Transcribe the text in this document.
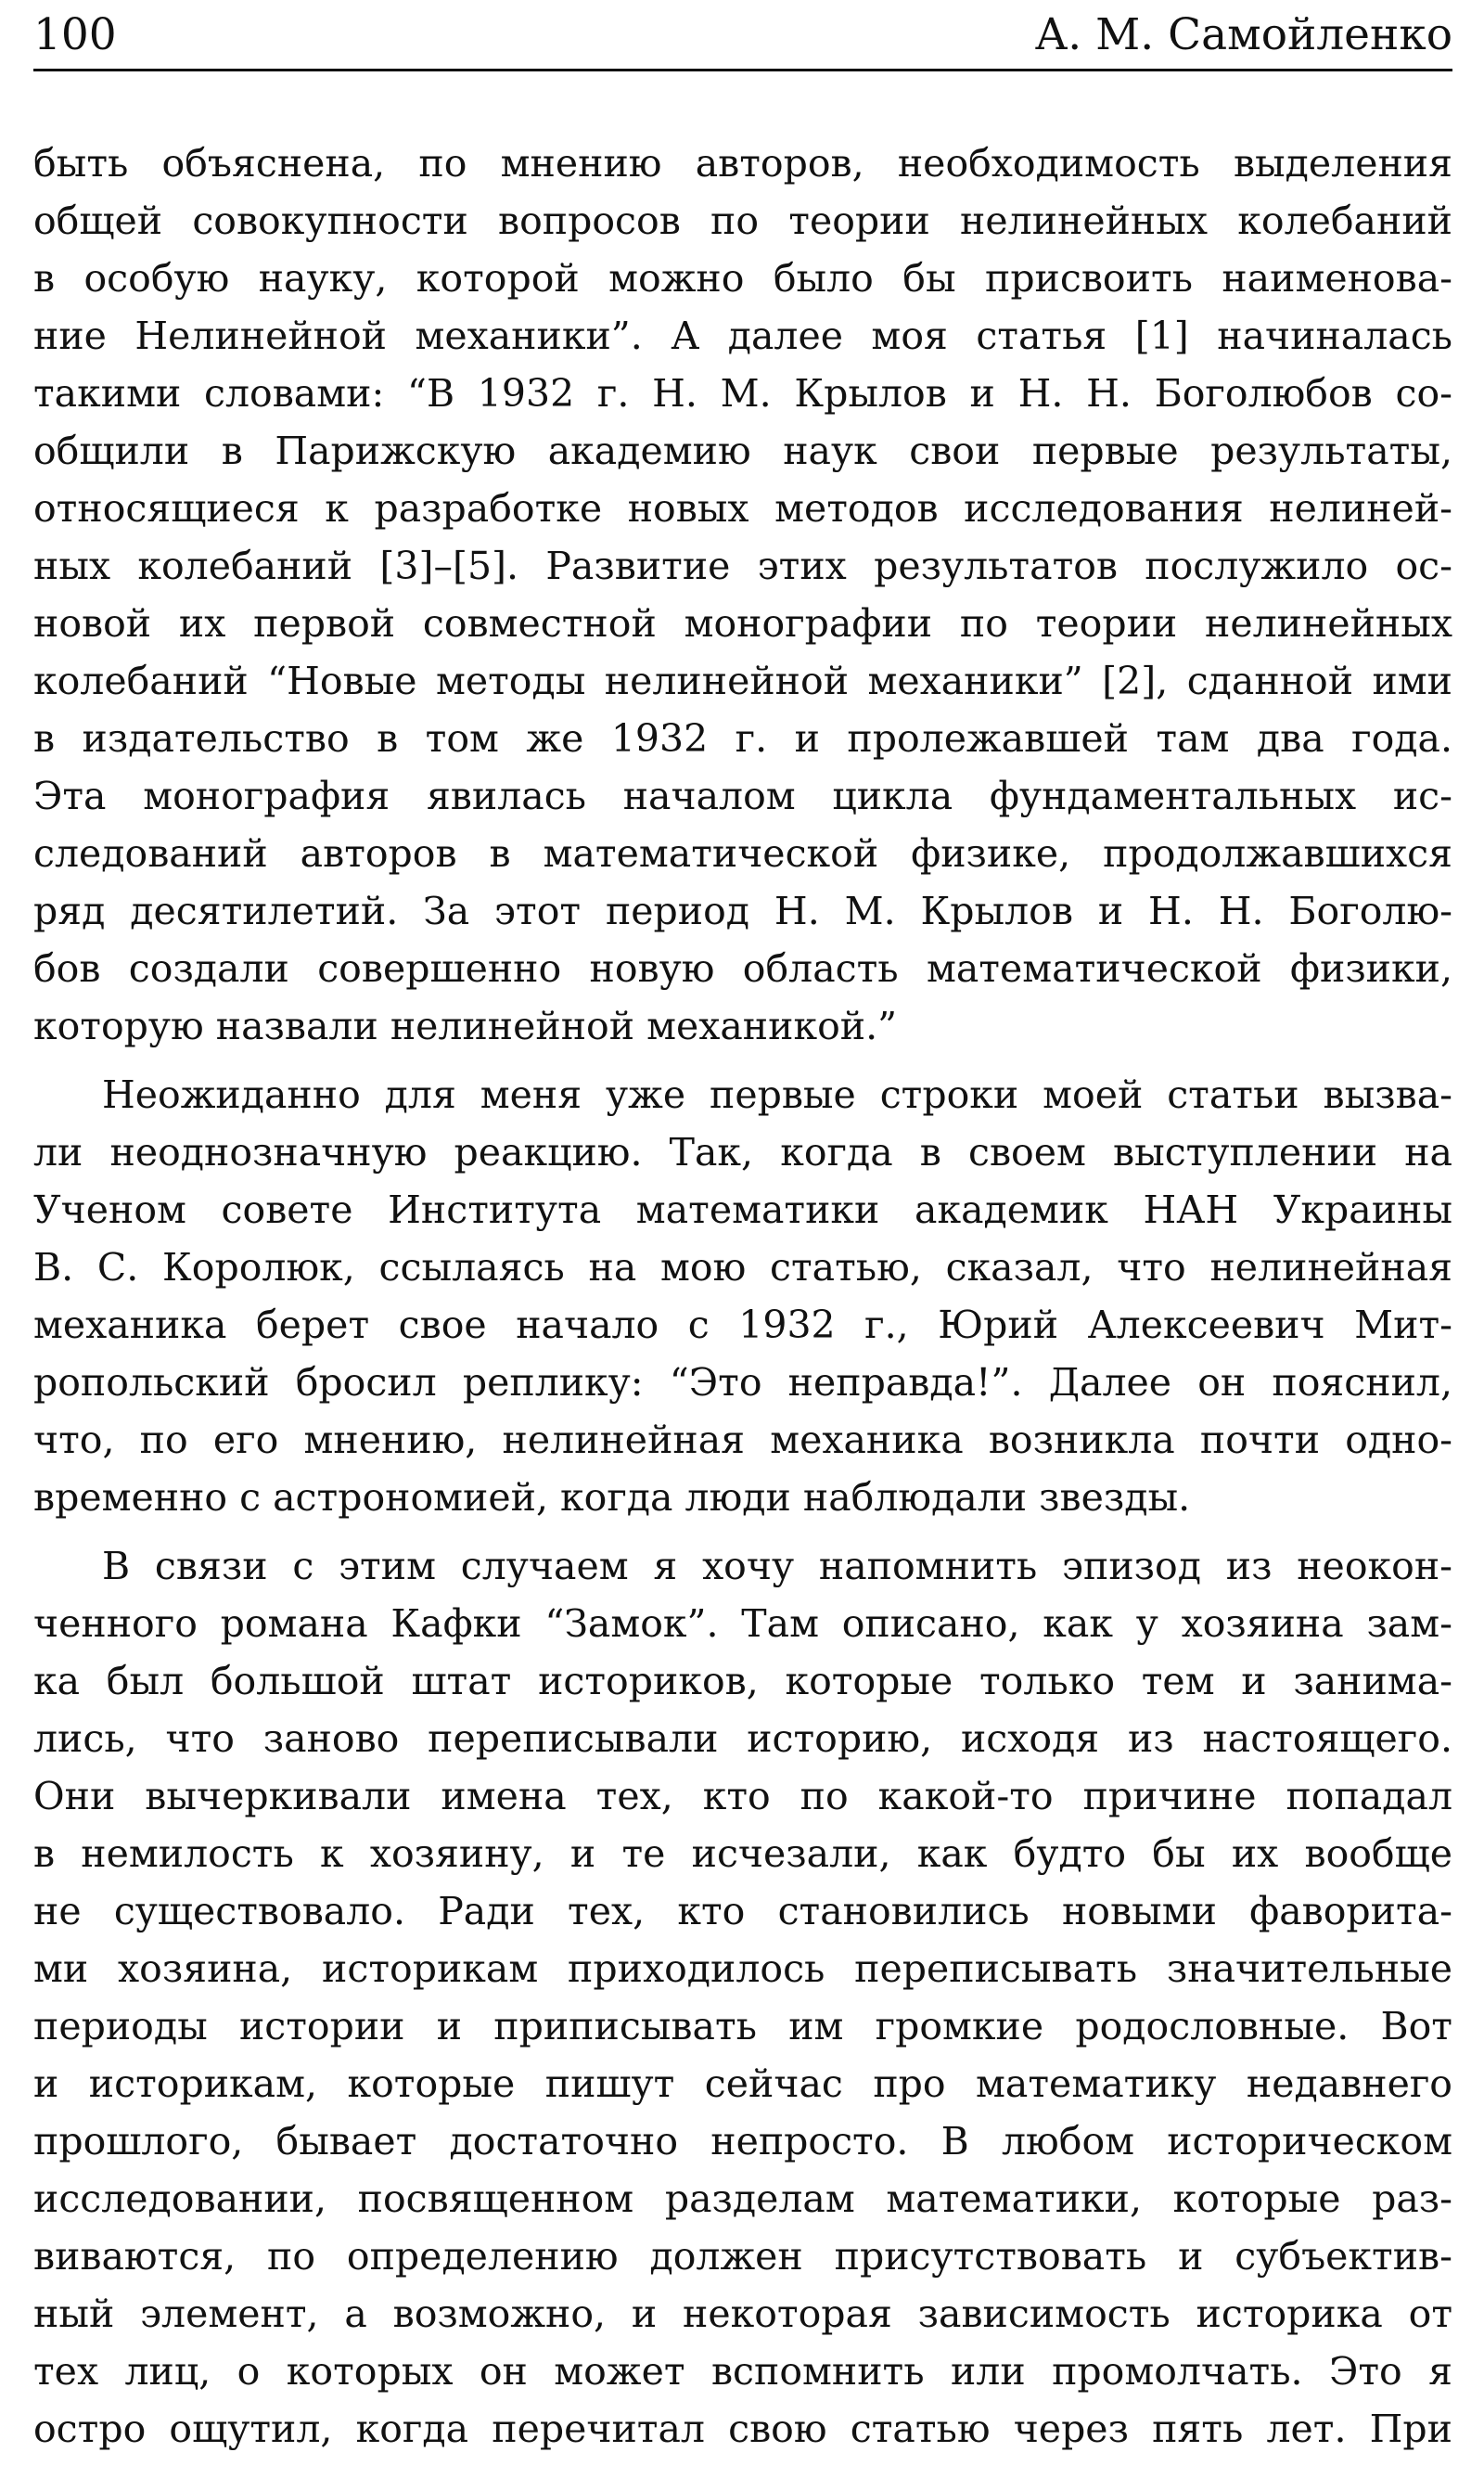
100	А. М. Самойленко
быть объяснена, по мнению авторов, необходимость выделения
общей совокупности вопросов по теории нелинейных колебаний
в особую науку, которой можно было бы присвоить наименова-
ние Нелинейной механики”. А далее моя статья [1] начиналась
такими словами: “В 1932 г. Н. М. Крылов и Н. Н. Боголюбов со-
общили в Парижскую академию наук свои первые результаты,
относящиеся к разработке новых методов исследования нелиней-
ных колебаний [3]–[5]. Развитие этих результатов послужило ос-
новой их первой совместной монографии по теории нелинейных
колебаний “Новые методы нелинейной механики” [2], сданной ими
в издательство в том же 1932 г. и пролежавшей там два года.
Эта монография явилась началом цикла фундаментальных ис-
следований авторов в математической физике, продолжавшихся
ряд десятилетий. За этот период Н. М. Крылов и Н. Н. Боголю-
бов создали совершенно новую область математической физики,
которую назвали нелинейной механикой.”
Неожиданно для меня уже первые строки моей статьи вызва-
ли неоднозначную реакцию. Так, когда в своем выступлении на
Ученом совете Института математики академик НАН Украины
В. С. Королюк, ссылаясь на мою статью, сказал, что нелинейная
механика берет свое начало с 1932 г., Юрий Алексеевич Мит-
ропольский бросил реплику: “Это неправда!”. Далее он пояснил,
что, по его мнению, нелинейная механика возникла почти одно-
временно с астрономией, когда люди наблюдали звезды.
В связи с этим случаем я хочу напомнить эпизод из неокон-
ченного романа Кафки “Замок”. Там описано, как у хозяина зам-
ка был большой штат историков, которые только тем и занима-
лись, что заново переписывали историю, исходя из настоящего.
Они вычеркивали имена тех, кто по какой-то причине попадал
в немилость к хозяину, и те исчезали, как будто бы их вообще
не существовало. Ради тех, кто становились новыми фаворита-
ми хозяина, историкам приходилось переписывать значительные
периоды истории и приписывать им громкие родословные. Вот
и историкам, которые пишут сейчас про математику недавнего
прошлого, бывает достаточно непросто. В любом историческом
исследовании, посвященном разделам математики, которые раз-
виваются, по определению должен присутствовать и субъектив-
ный элемент, а возможно, и некоторая зависимость историка от
тех лиц, о которых он может вспомнить или промолчать. Это я
остро ощутил, когда перечитал свою статью через пять лет. При
